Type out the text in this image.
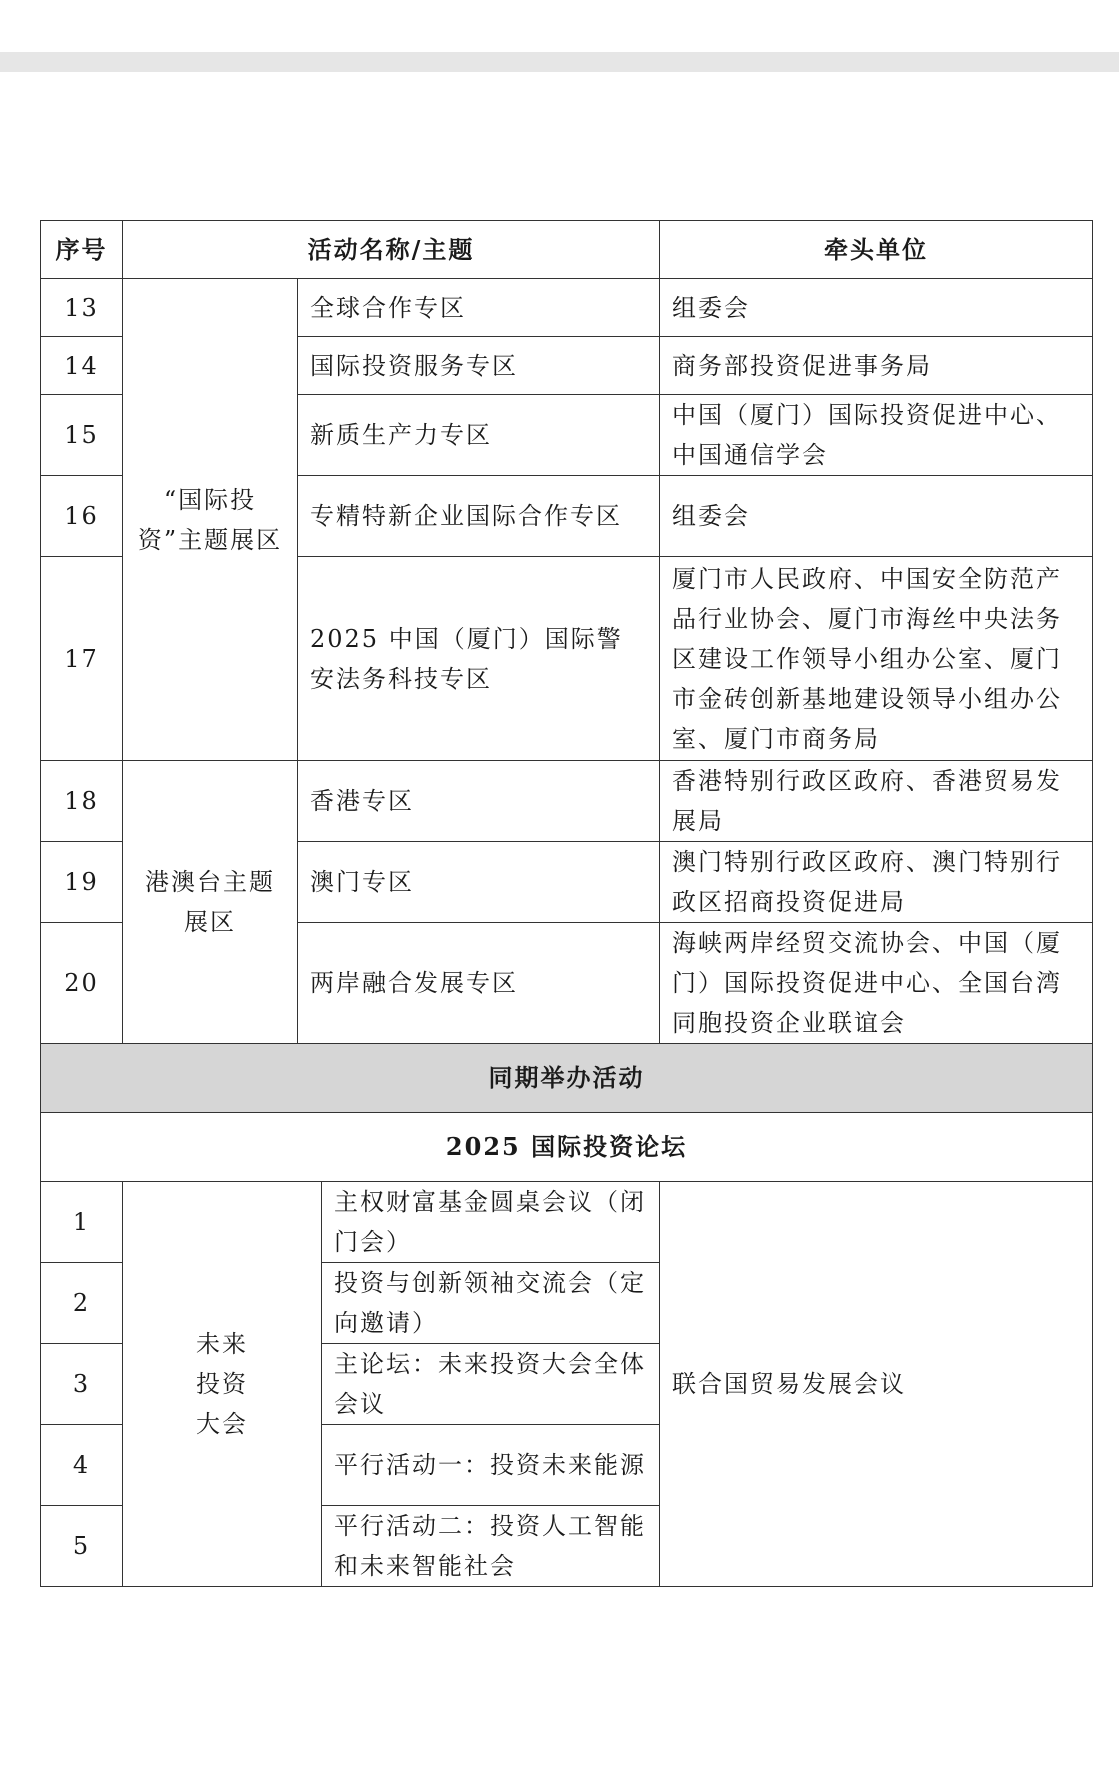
序号	活动名称/主题			牵头单位
13	“国际投资”主题展区	全球合作专区		组委会
14		国际投资服务专区		商务部投资促进事务局
15		新质生产力专区		中国（厦门）国际投资促进中心、中国通信学会
16		专精特新企业国际合作专区		组委会
17		2025 中国（厦门）国际警安法务科技专区		厦门市人民政府、中国安全防范产品行业协会、厦门市海丝中央法务区建设工作领导小组办公室、厦门市金砖创新基地建设领导小组办公室、厦门市商务局
18	港澳台主题展区	香港专区		香港特别行政区政府、香港贸易发展局
19		澳门专区		澳门特别行政区政府、澳门特别行政区招商投资促进局
20		两岸融合发展专区		海峡两岸经贸交流协会、中国（厦门）国际投资促进中心、全国台湾同胞投资企业联谊会
同期举办活动				
2025 国际投资论坛				
1	未来投资大会		主权财富基金圆桌会议（闭门会）	联合国贸易发展会议
2			投资与创新领袖交流会（定向邀请）	
3			主论坛：未来投资大会全体会议	
4			平行活动一：投资未来能源	
5			平行活动二：投资人工智能和未来智能社会	
